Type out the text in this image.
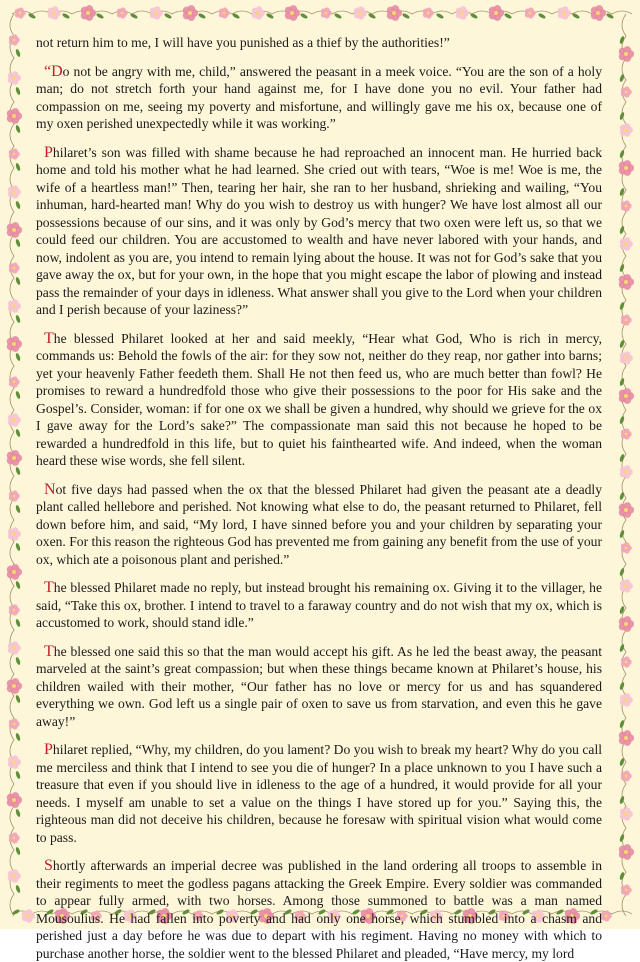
not return him to me, I will have you punished as a thief by the authorities!”

“Do not be angry with me, child,” answered the peasant in a meek voice. “You are the son of a holy man; do not stretch forth your hand against me, for I have done you no evil. Your father had compassion on me, seeing my poverty and misfortune, and willingly gave me his ox, because one of my oxen perished unexpectedly while it was working.”

Philaret’s son was filled with shame because he had reproached an innocent man. He hurried back home and told his mother what he had learned. She cried out with tears, “Woe is me! Woe is me, the wife of a heartless man!” Then, tearing her hair, she ran to her husband, shrieking and wailing, “You inhuman, hard-hearted man! Why do you wish to destroy us with hunger? We have lost almost all our possessions because of our sins, and it was only by God’s mercy that two oxen were left us, so that we could feed our children. You are accustomed to wealth and have never labored with your hands, and now, indolent as you are, you intend to remain lying about the house. It was not for God’s sake that you gave away the ox, but for your own, in the hope that you might escape the labor of plowing and instead pass the remainder of your days in idleness. What answer shall you give to the Lord when your children and I perish because of your laziness?”

The blessed Philaret looked at her and said meekly, “Hear what God, Who is rich in mercy, commands us: Behold the fowls of the air: for they sow not, neither do they reap, nor gather into barns; yet your heavenly Father feedeth them. Shall He not then feed us, who are much better than fowl? He promises to reward a hundredfold those who give their possessions to the poor for His sake and the Gospel’s. Consider, woman: if for one ox we shall be given a hundred, why should we grieve for the ox I gave away for the Lord’s sake?” The compassionate man said this not because he hoped to be rewarded a hundredfold in this life, but to quiet his fainthearted wife. And indeed, when the woman heard these wise words, she fell silent.

Not five days had passed when the ox that the blessed Philaret had given the peasant ate a deadly plant called hellebore and perished. Not knowing what else to do, the peasant returned to Philaret, fell down before him, and said, “My lord, I have sinned before you and your children by separating your oxen. For this reason the righteous God has prevented me from gaining any benefit from the use of your ox, which ate a poisonous plant and perished.”

The blessed Philaret made no reply, but instead brought his remaining ox. Giving it to the villager, he said, “Take this ox, brother. I intend to travel to a faraway country and do not wish that my ox, which is accustomed to work, should stand idle.”

The blessed one said this so that the man would accept his gift. As he led the beast away, the peasant marveled at the saint’s great compassion; but when these things became known at Philaret’s house, his children wailed with their mother, “Our father has no love or mercy for us and has squandered everything we own. God left us a single pair of oxen to save us from starvation, and even this he gave away!”

Philaret replied, “Why, my children, do you lament? Do you wish to break my heart? Why do you call me merciless and think that I intend to see you die of hunger? In a place unknown to you I have such a treasure that even if you should live in idleness to the age of a hundred, it would provide for all your needs. I myself am unable to set a value on the things I have stored up for you.” Saying this, the righteous man did not deceive his children, because he foresaw with spiritual vision what would come to pass.

Shortly afterwards an imperial decree was published in the land ordering all troops to assemble in their regiments to meet the godless pagans attacking the Greek Empire. Every soldier was commanded to appear fully armed, with two horses. Among those summoned to battle was a man named Mousoulius. He had fallen into poverty and had only one horse, which stumbled into a chasm and perished just a day before he was due to depart with his regiment. Having no money with which to purchase another horse, the soldier went to the blessed Philaret and pleaded, “Have mercy, my lord
